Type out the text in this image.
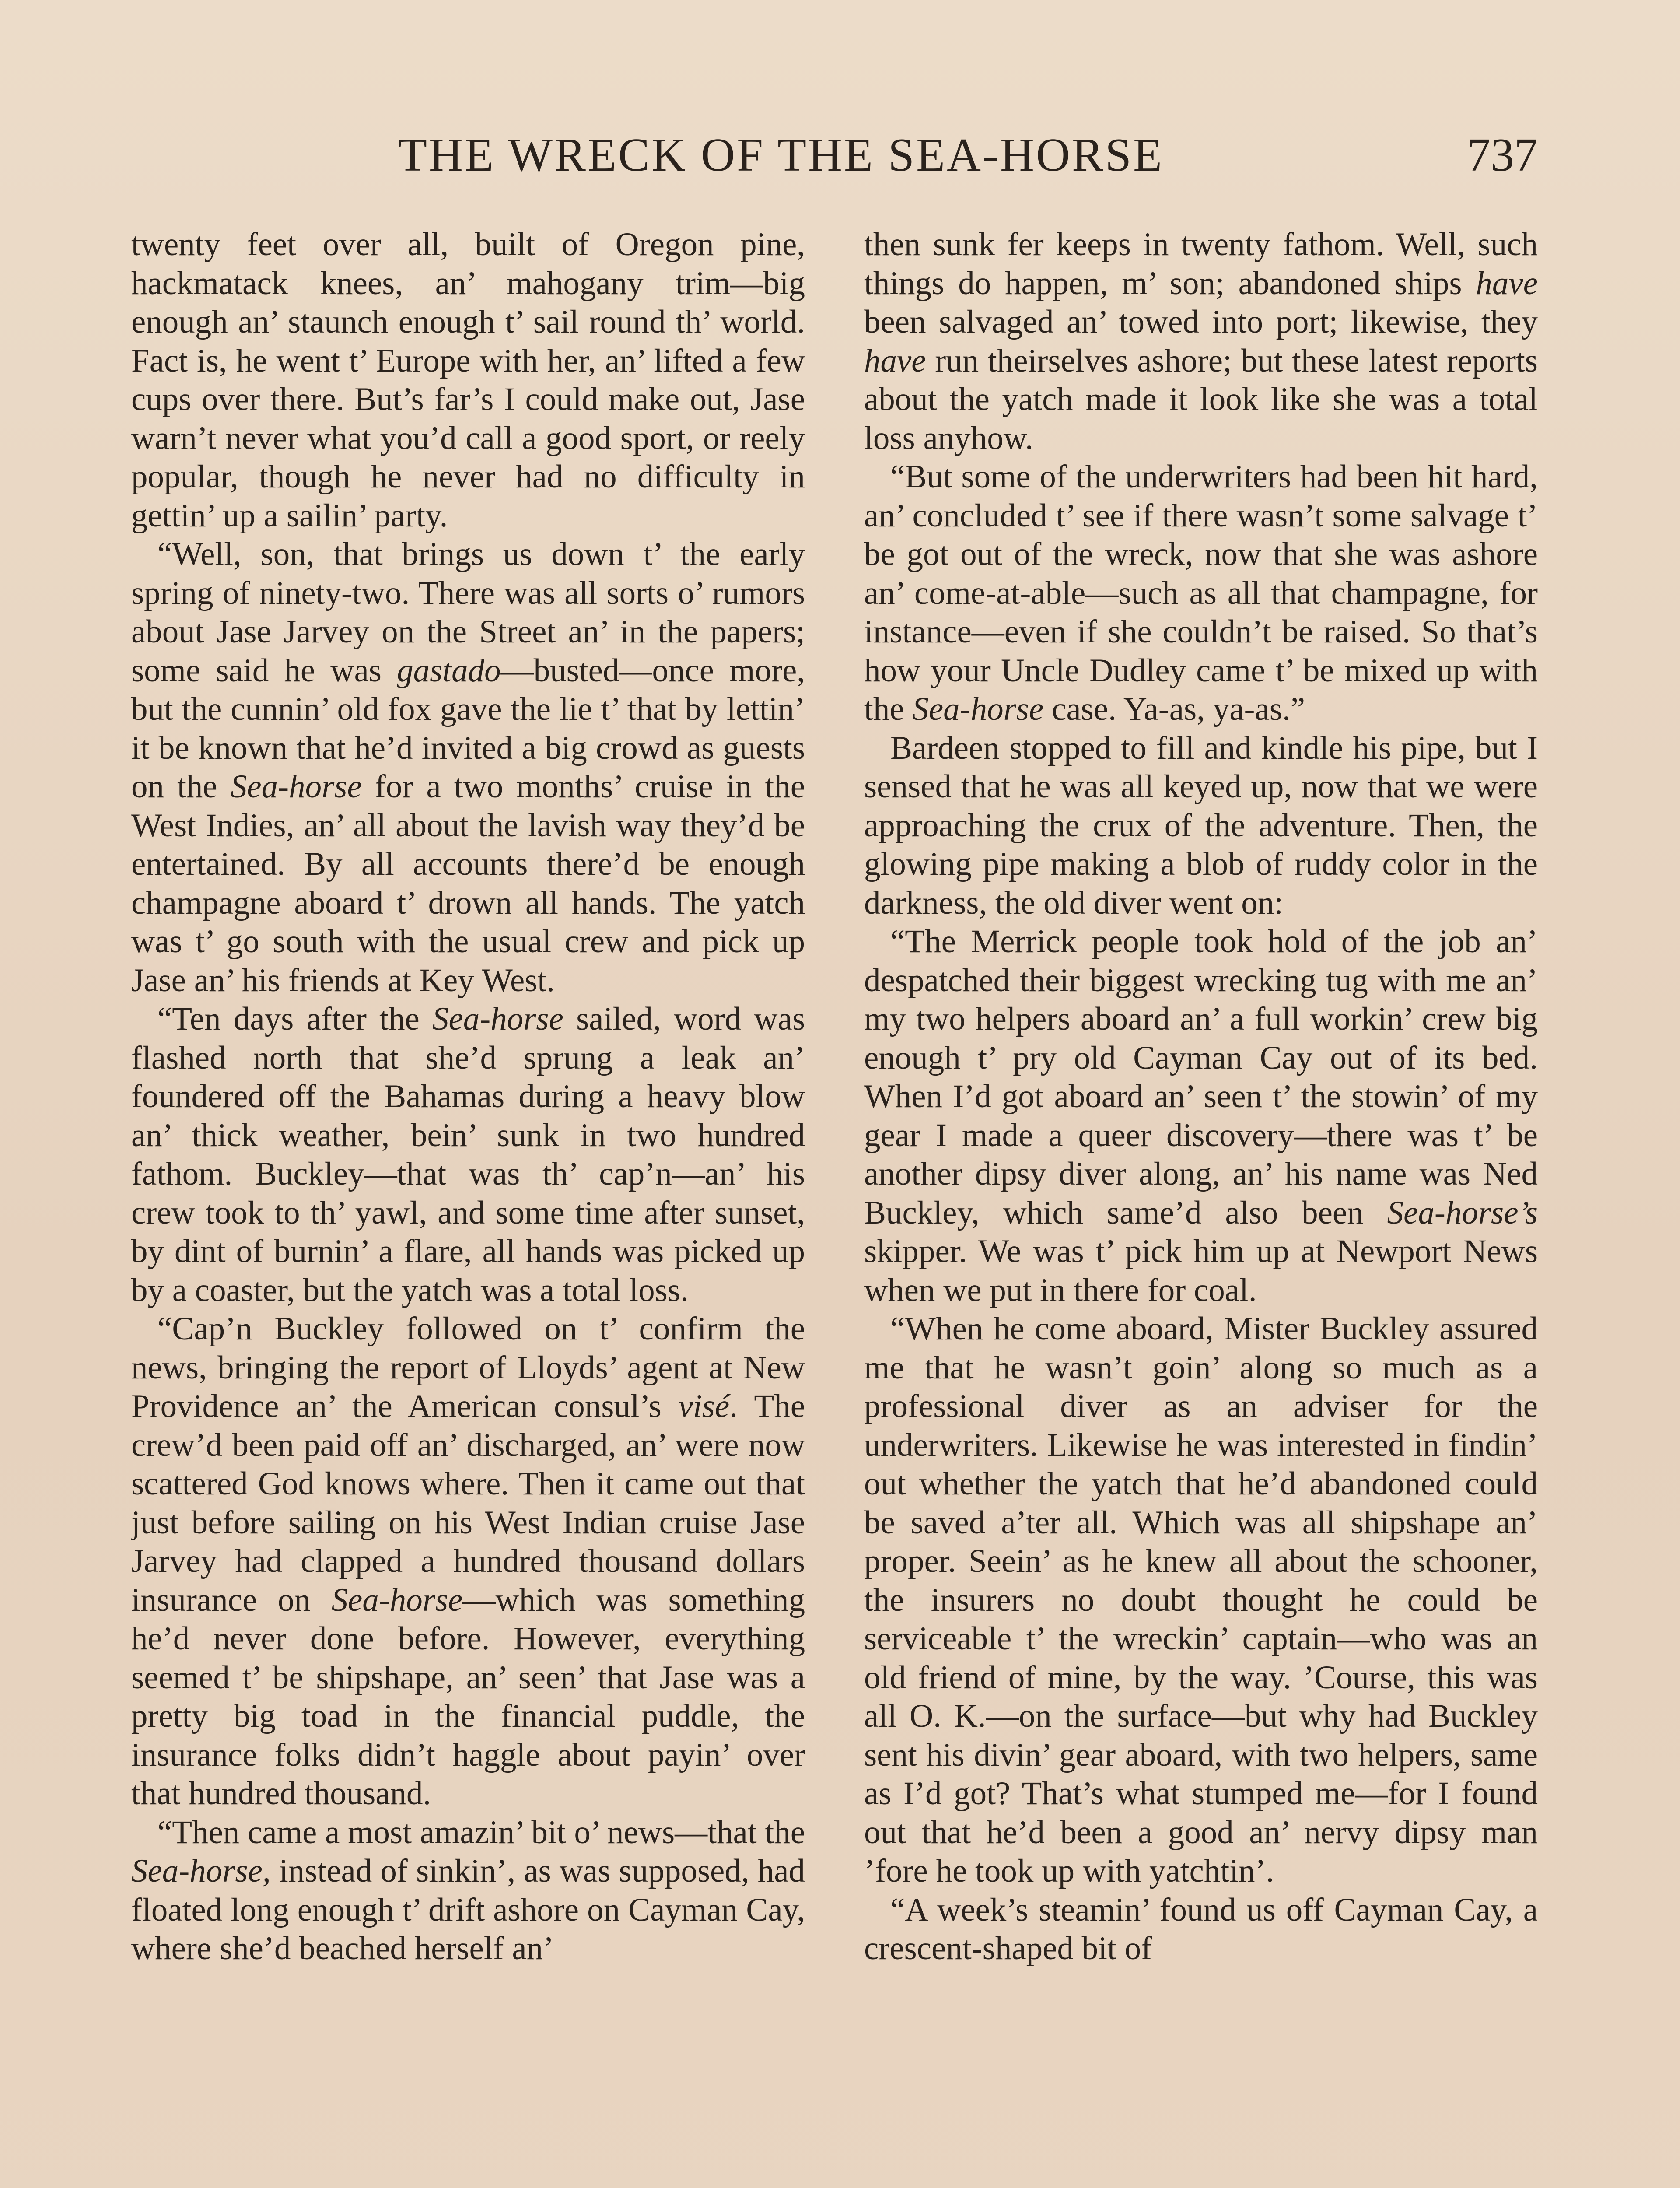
THE WRECK OF THE SEA-HORSE	737

twenty feet over all, built of Oregon pine, hackmatack knees, an’ mahogany trim—big enough an’ staunch enough t’ sail round th’ world. Fact is, he went t’ Europe with her, an’ lifted a few cups over there. But’s far’s I could make out, Jase warn’t never what you’d call a good sport, or reely popular, though he never had no difficulty in gettin’ up a sailin’ party.

“Well, son, that brings us down t’ the early spring of ninety-two. There was all sorts o’ rumors about Jase Jarvey on the Street an’ in the papers; some said he was gastado—busted—once more, but the cunnin’ old fox gave the lie t’ that by lettin’ it be known that he’d invited a big crowd as guests on the Sea-horse for a two months’ cruise in the West Indies, an’ all about the lavish way they’d be entertained. By all accounts there’d be enough champagne aboard t’ drown all hands. The yatch was t’ go south with the usual crew and pick up Jase an’ his friends at Key West.

“Ten days after the Sea-horse sailed, word was flashed north that she’d sprung a leak an’ foundered off the Bahamas during a heavy blow an’ thick weather, bein’ sunk in two hundred fathom. Buckley—that was th’ cap’n—an’ his crew took to th’ yawl, and some time after sunset, by dint of burnin’ a flare, all hands was picked up by a coaster, but the yatch was a total loss.

“Cap’n Buckley followed on t’ confirm the news, bringing the report of Lloyds’ agent at New Providence an’ the American consul’s visé. The crew’d been paid off an’ discharged, an’ were now scattered God knows where. Then it came out that just before sailing on his West Indian cruise Jase Jarvey had clapped a hundred thousand dollars insurance on Sea-horse—which was something he’d never done before. However, everything seemed t’ be shipshape, an’ seen’ that Jase was a pretty big toad in the financial puddle, the insurance folks didn’t haggle about payin’ over that hundred thousand.

“Then came a most amazin’ bit o’ news—that the Sea-horse, instead of sinkin’, as was supposed, had floated long enough t’ drift ashore on Cayman Cay, where she’d beached herself an’

then sunk fer keeps in twenty fathom. Well, such things do happen, m’ son; abandoned ships have been salvaged an’ towed into port; likewise, they have run theirselves ashore; but these latest reports about the yatch made it look like she was a total loss anyhow.

“But some of the underwriters had been hit hard, an’ concluded t’ see if there wasn’t some salvage t’ be got out of the wreck, now that she was ashore an’ come-at-able—such as all that champagne, for instance—even if she couldn’t be raised. So that’s how your Uncle Dudley came t’ be mixed up with the Sea-horse case. Ya-as, ya-as.”

Bardeen stopped to fill and kindle his pipe, but I sensed that he was all keyed up, now that we were approaching the crux of the adventure. Then, the glowing pipe making a blob of ruddy color in the darkness, the old diver went on:

“The Merrick people took hold of the job an’ despatched their biggest wrecking tug with me an’ my two helpers aboard an’ a full workin’ crew big enough t’ pry old Cayman Cay out of its bed. When I’d got aboard an’ seen t’ the stowin’ of my gear I made a queer discovery—there was t’ be another dipsy diver along, an’ his name was Ned Buckley, which same’d also been Sea-horse’s skipper. We was t’ pick him up at Newport News when we put in there for coal.

“When he come aboard, Mister Buckley assured me that he wasn’t goin’ along so much as a professional diver as an adviser for the underwriters. Likewise he was interested in findin’ out whether the yatch that he’d abandoned could be saved a’ter all. Which was all shipshape an’ proper. Seein’ as he knew all about the schooner, the insurers no doubt thought he could be serviceable t’ the wreckin’ captain—who was an old friend of mine, by the way. ’Course, this was all O. K.—on the surface—but why had Buckley sent his divin’ gear aboard, with two helpers, same as I’d got? That’s what stumped me—for I found out that he’d been a good an’ nervy dipsy man ’fore he took up with yatchtin’.

“A week’s steamin’ found us off Cayman Cay, a crescent-shaped bit of
